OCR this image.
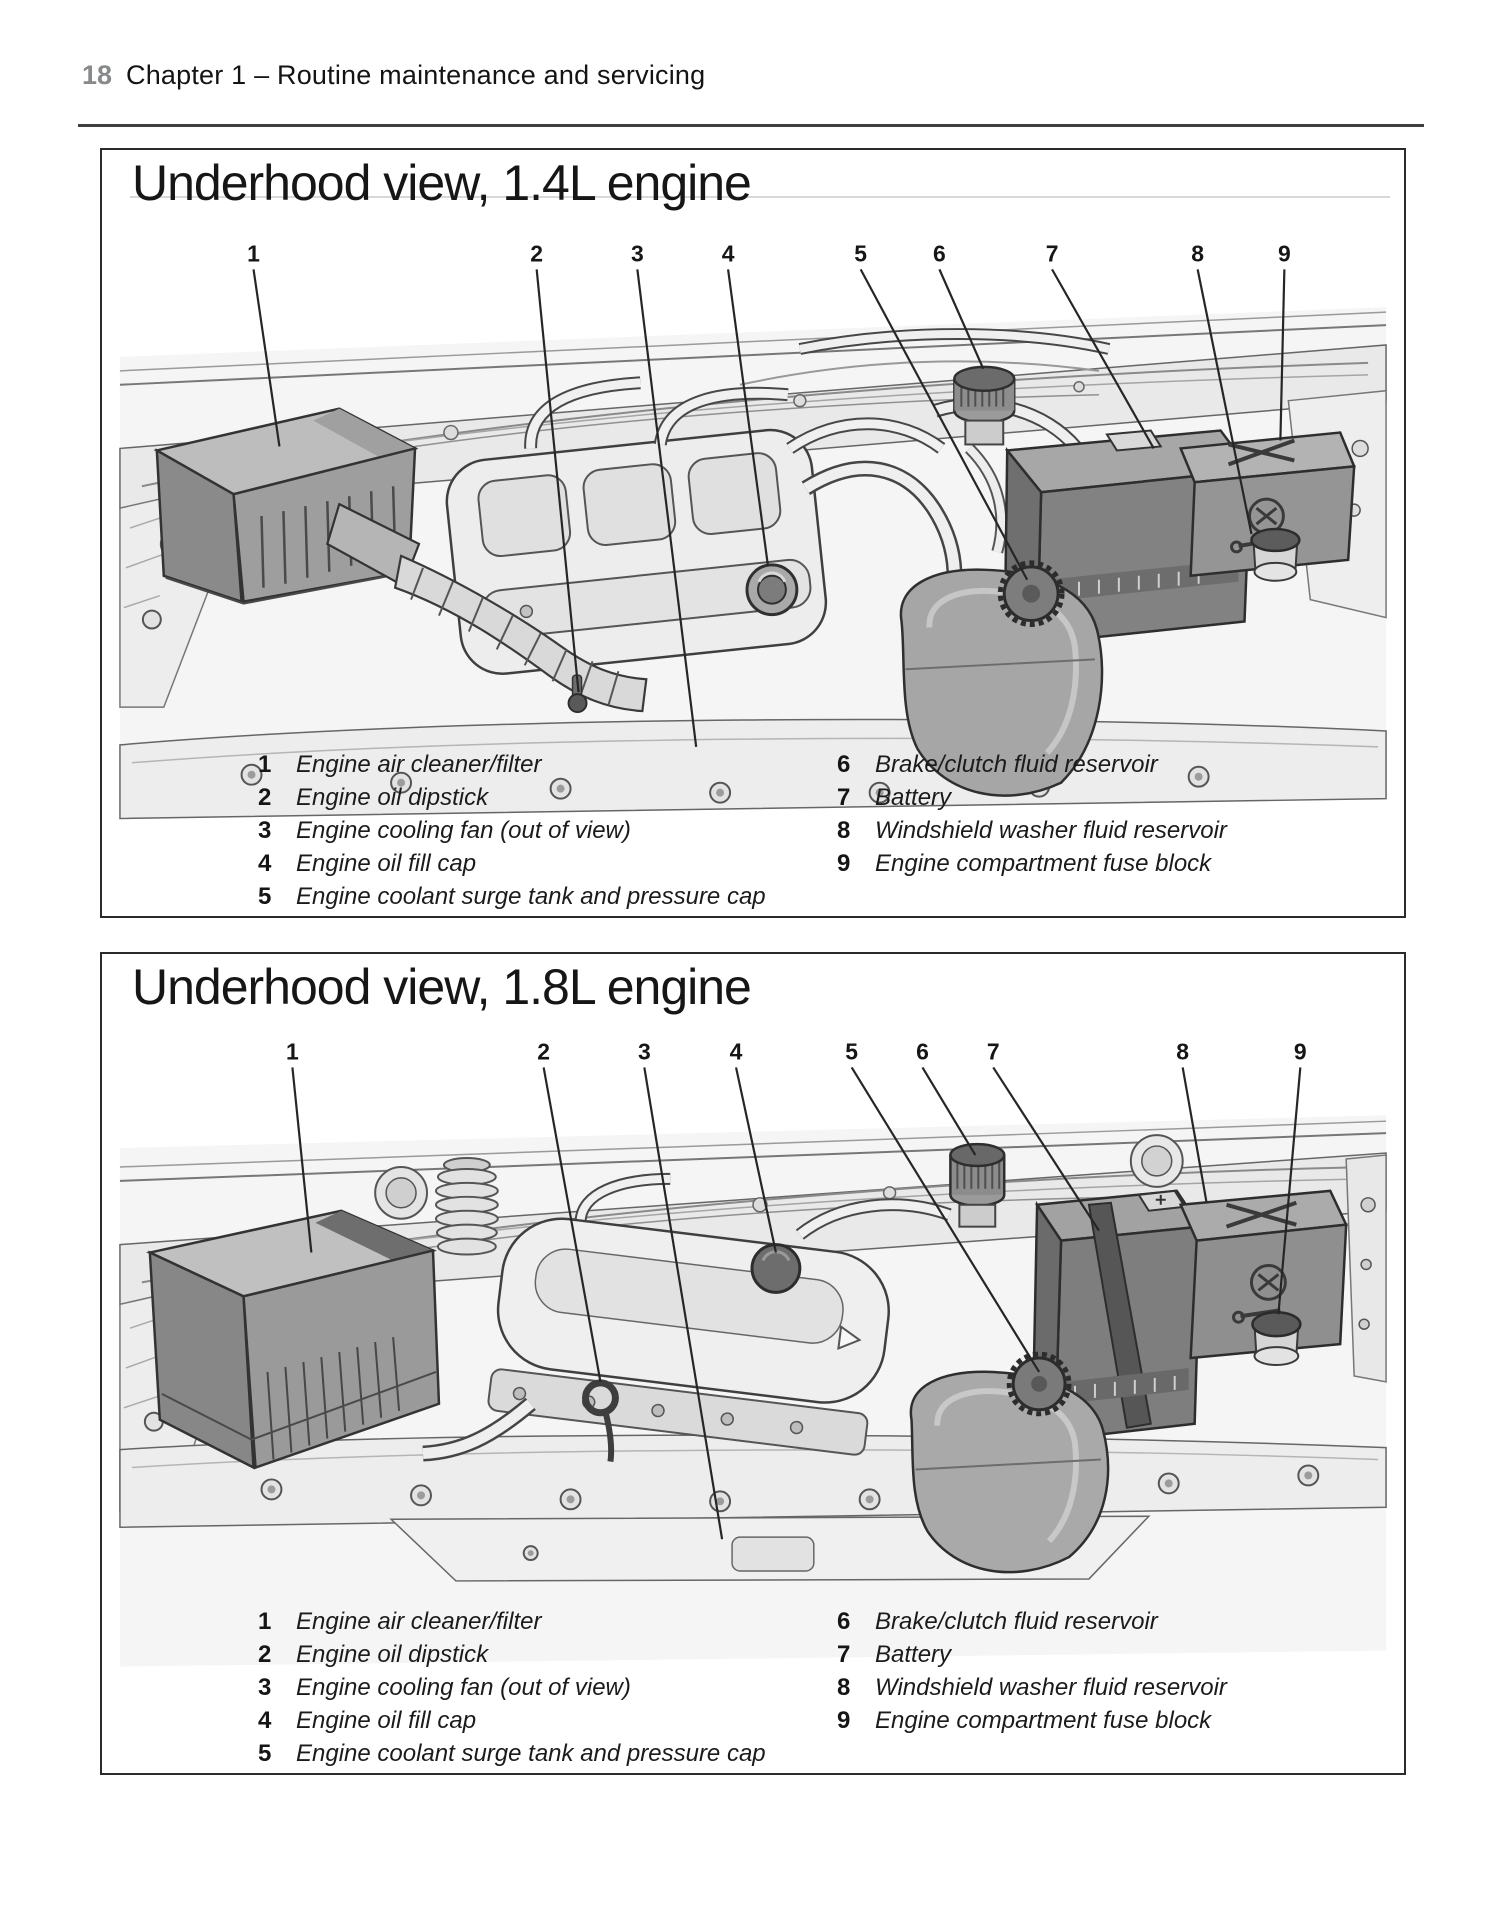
18 Chapter 1 – Routine maintenance and servicing
Underhood view, 1.4L engine
1	2	3	4	5	6	7	8	9
1	Engine air cleaner/filter
2	Engine oil dipstick
3	Engine cooling fan (out of view)
4	Engine oil fill cap
5	Engine coolant surge tank and pressure cap
6	Brake/clutch fluid reservoir
7	Battery
8	Windshield washer fluid reservoir
9	Engine compartment fuse block
Underhood view, 1.8L engine
1	2	3	4	5	6	7	8	9
1	Engine air cleaner/filter
2	Engine oil dipstick
3	Engine cooling fan (out of view)
4	Engine oil fill cap
5	Engine coolant surge tank and pressure cap
6	Brake/clutch fluid reservoir
7	Battery
8	Windshield washer fluid reservoir
9	Engine compartment fuse block
